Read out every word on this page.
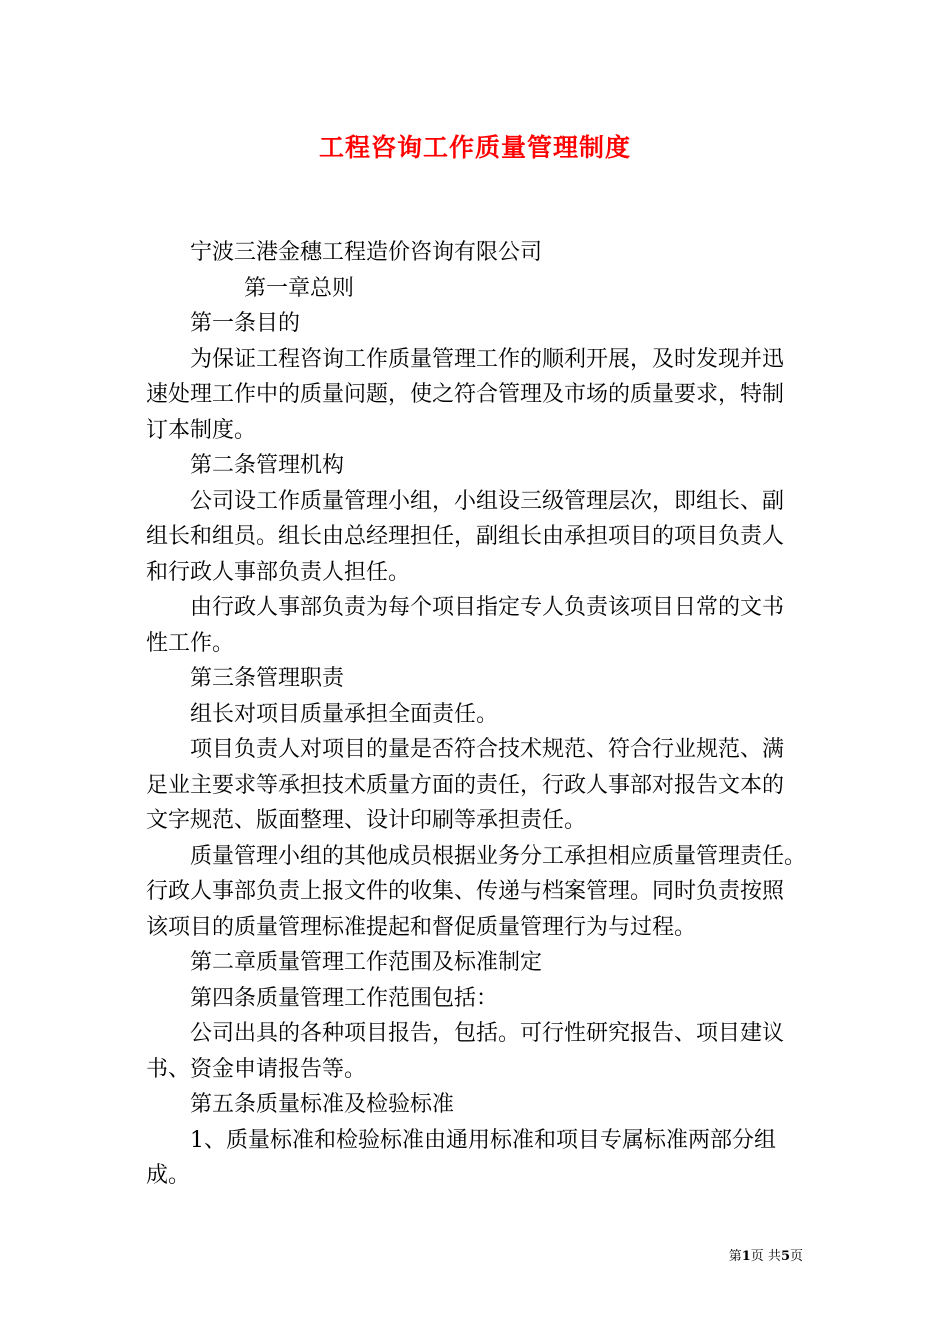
工程咨询工作质量管理制度
宁波三港金穗工程造价咨询有限公司
第一章总则
第一条目的
为保证工程咨询工作质量管理工作的顺利开展，及时发现并迅
速处理工作中的质量问题，使之符合管理及市场的质量要求，特制
订本制度。
第二条管理机构
公司设工作质量管理小组，小组设三级管理层次，即组长、副
组长和组员。组长由总经理担任，副组长由承担项目的项目负责人
和行政人事部负责人担任。
由行政人事部负责为每个项目指定专人负责该项目日常的文书
性工作。
第三条管理职责
组长对项目质量承担全面责任。
项目负责人对项目的量是否符合技术规范、符合行业规范、满
足业主要求等承担技术质量方面的责任，行政人事部对报告文本的
文字规范、版面整理、设计印刷等承担责任。
质量管理小组的其他成员根据业务分工承担相应质量管理责任。
行政人事部负责上报文件的收集、传递与档案管理。同时负责按照
该项目的质量管理标准提起和督促质量管理行为与过程。
第二章质量管理工作范围及标准制定
第四条质量管理工作范围包括：
公司出具的各种项目报告，包括。可行性研究报告、项目建议
书、资金申请报告等。
第五条质量标准及检验标准
1、质量标准和检验标准由通用标准和项目专属标准两部分组
成。
第1页 共5页
